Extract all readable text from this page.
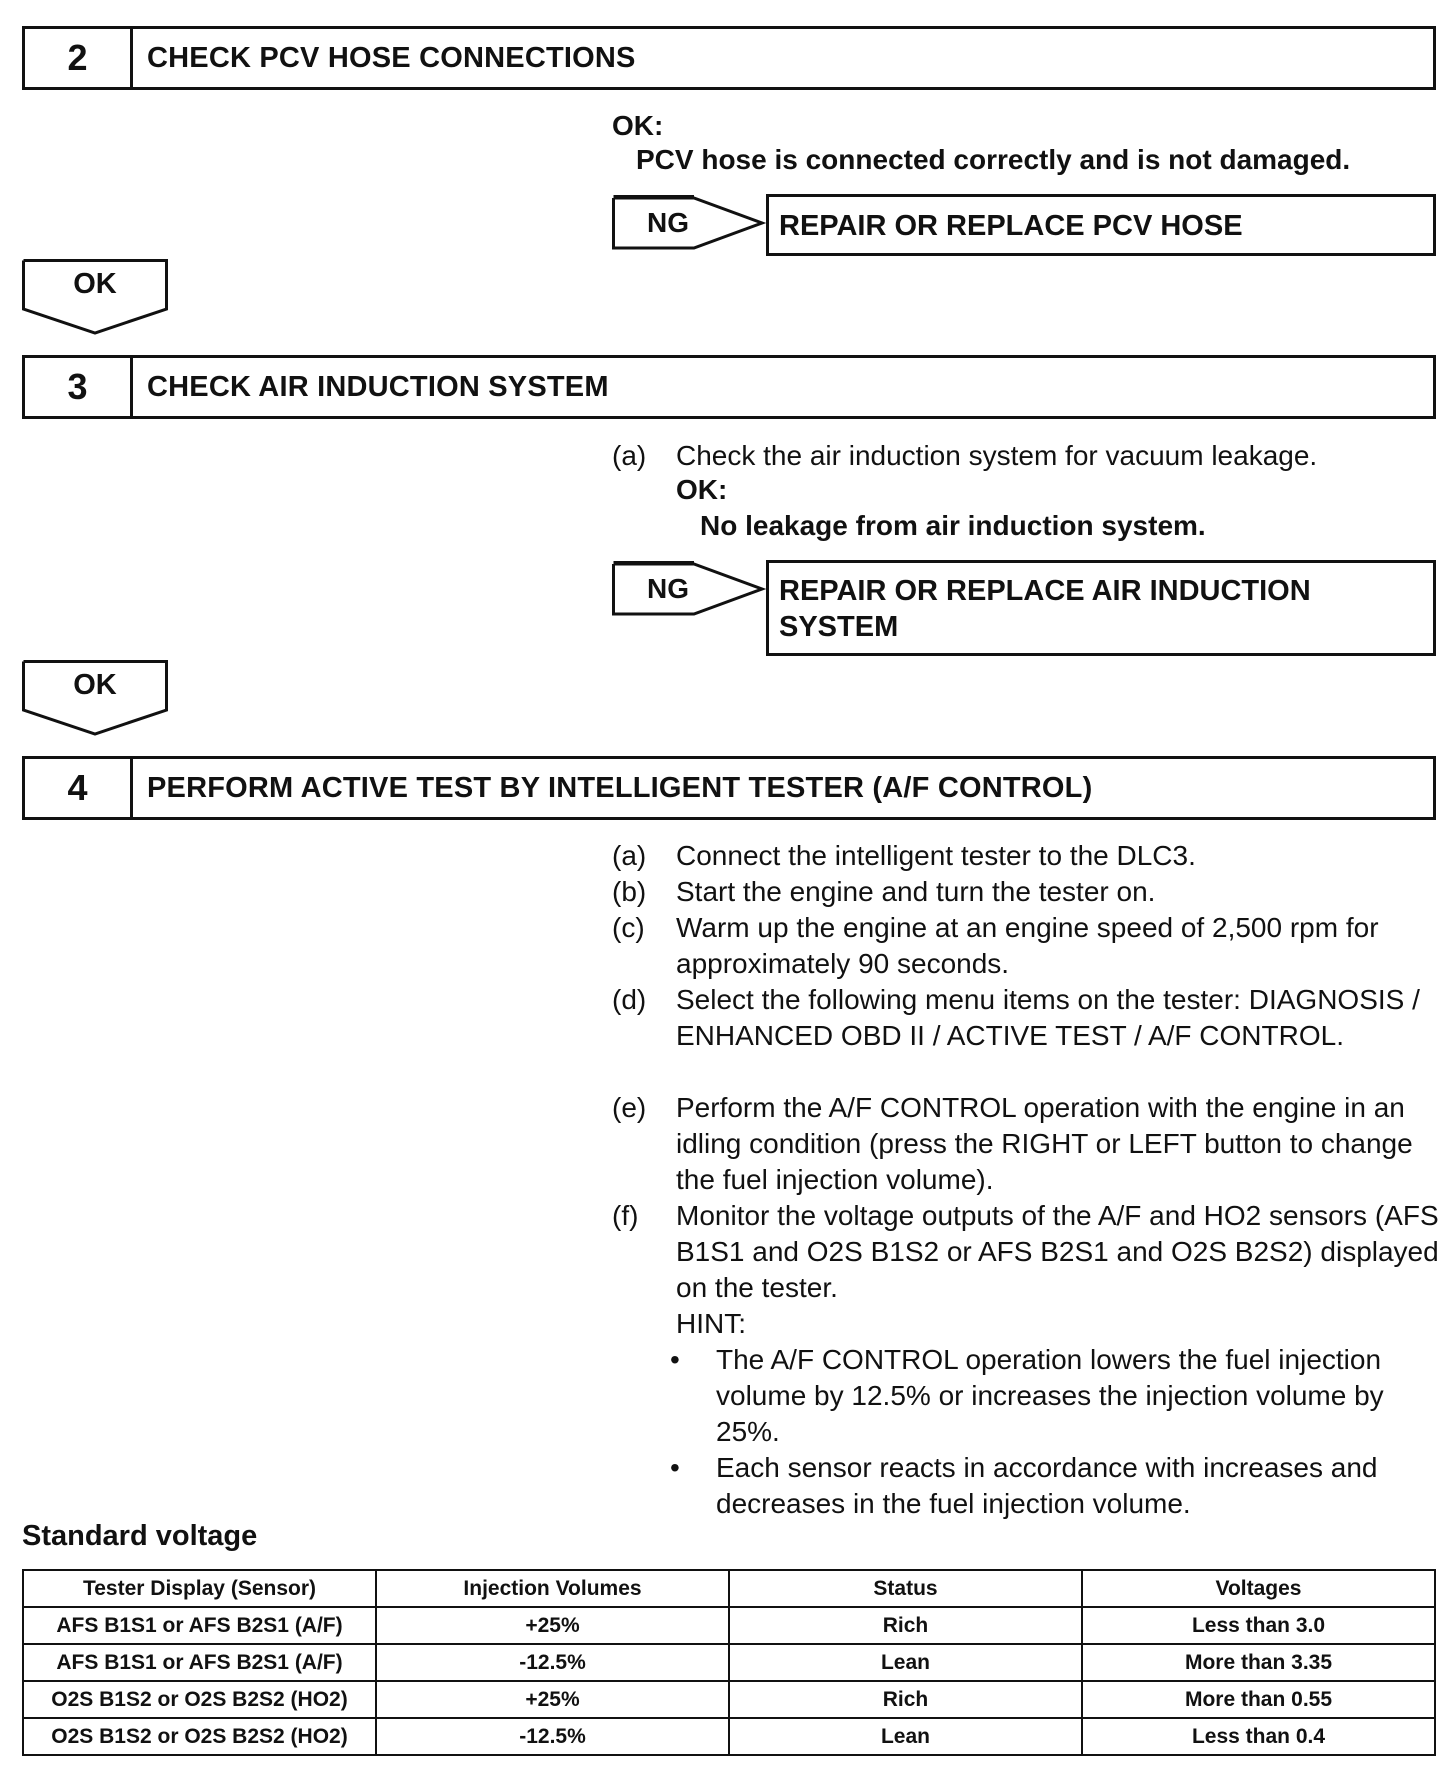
2	CHECK PCV HOSE CONNECTIONS
OK:
PCV hose is connected correctly and is not damaged.
NG	REPAIR OR REPLACE PCV HOSE
OK
3	CHECK AIR INDUCTION SYSTEM
(a) Check the air induction system for vacuum leakage.
OK:
No leakage from air induction system.
NG	REPAIR OR REPLACE AIR INDUCTION SYSTEM
OK
4	PERFORM ACTIVE TEST BY INTELLIGENT TESTER (A/F CONTROL)
(a) Connect the intelligent tester to the DLC3.
(b) Start the engine and turn the tester on.
(c) Warm up the engine at an engine speed of 2,500 rpm for approximately 90 seconds.
(d) Select the following menu items on the tester: DIAGNOSIS / ENHANCED OBD II / ACTIVE TEST / A/F CONTROL.
(e) Perform the A/F CONTROL operation with the engine in an idling condition (press the RIGHT or LEFT button to change the fuel injection volume).
(f) Monitor the voltage outputs of the A/F and HO2 sensors (AFS B1S1 and O2S B1S2 or AFS B2S1 and O2S B2S2) displayed on the tester.
HINT:
• The A/F CONTROL operation lowers the fuel injection volume by 12.5% or increases the injection volume by 25%.
• Each sensor reacts in accordance with increases and decreases in the fuel injection volume.
Standard voltage
Tester Display (Sensor)	Injection Volumes	Status	Voltages
AFS B1S1 or AFS B2S1 (A/F)	+25%	Rich	Less than 3.0
AFS B1S1 or AFS B2S1 (A/F)	-12.5%	Lean	More than 3.35
O2S B1S2 or O2S B2S2 (HO2)	+25%	Rich	More than 0.55
O2S B1S2 or O2S B2S2 (HO2)	-12.5%	Lean	Less than 0.4
